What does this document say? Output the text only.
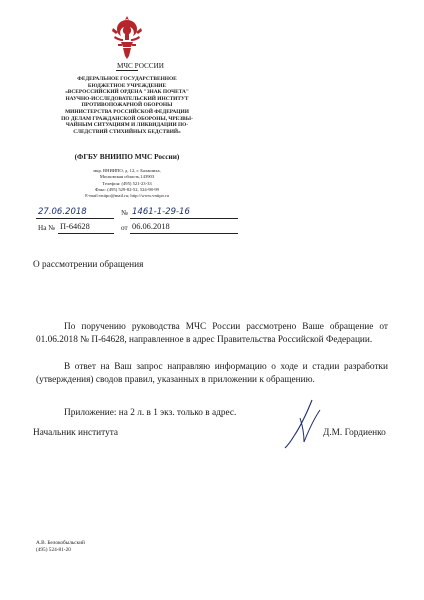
МЧС РОССИИ
ФЕДЕРАЛЬНОЕ ГОСУДАРСТВЕННОЕ
БЮДЖЕТНОЕ УЧРЕЖДЕНИЕ
«ВСЕРОССИЙСКИЙ ОРДЕНА "ЗНАК ПОЧЕТА"
НАУЧНО-ИССЛЕДОВАТЕЛЬСКИЙ ИНСТИТУТ
ПРОТИВОПОЖАРНОЙ ОБОРОНЫ
МИНИСТЕРСТВА РОССИЙСКОЙ ФЕДЕРАЦИИ
ПО ДЕЛАМ ГРАЖДАНСКОЙ ОБОРОНЫ, ЧРЕЗВЫ-
ЧАЙНЫМ СИТУАЦИЯМ И ЛИКВИДАЦИИ ПО-
СЛЕДСТВИЙ СТИХИЙНЫХ БЕДСТВИЙ»
(ФГБУ ВНИИПО МЧС России)
мкр. ВНИИПО, д. 12, г. Балашиха,
Московская область,143903
Телефон: (495) 521-23-33
Факс: (495) 529-82-52, 524-98-99
E-mail:vniipo@mail.ru; http://www.vniipo.ru
27.06.2018	№ 1461-1-29-16
На № П-64628	от 06.06.2018
О рассмотрении обращения
По поручению руководства МЧС России рассмотрено Ваше обращение от 01.06.2018 № П-64628, направленное в адрес Правительства Российской Федерации.
В ответ на Ваш запрос направляю информацию о ходе и стадии разработки (утверждения) сводов правил, указанных в приложении к обращению.
Приложение: на 2 л. в 1 экз. только в адрес.
Начальник института	Д.М. Гордиенко
А.В. Белокобыльский
(495) 524-81-20
